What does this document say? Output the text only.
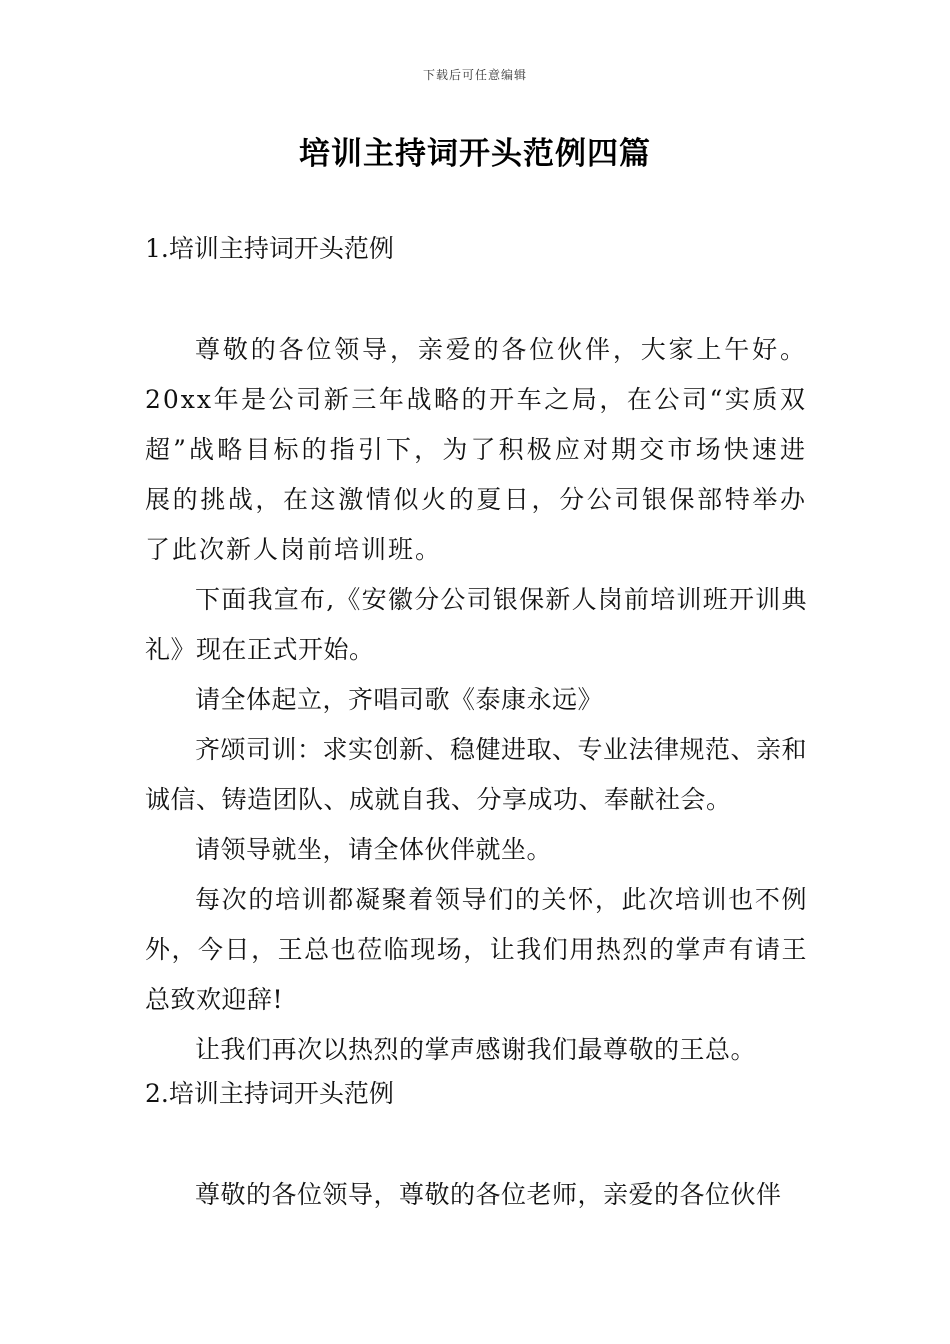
下载后可任意编辑
培训主持词开头范例四篇
1.培训主持词开头范例

尊敬的各位领导，亲爱的各位伙伴，大家上午好。20xx年是公司新三年战略的开车之局，在公司“实质双超”战略目标的指引下，为了积极应对期交市场快速进展的挑战，在这激情似火的夏日，分公司银保部特举办了此次新人岗前培训班。

下面我宣布,《安徽分公司银保新人岗前培训班开训典礼》现在正式开始。

请全体起立，齐唱司歌《泰康永远》

齐颂司训：求实创新、稳健进取、专业法律规范、亲和诚信、铸造团队、成就自我、分享成功、奉献社会。

请领导就坐，请全体伙伴就坐。

每次的培训都凝聚着领导们的关怀，此次培训也不例外，今日，王总也莅临现场，让我们用热烈的掌声有请王总致欢迎辞!

让我们再次以热烈的掌声感谢我们最尊敬的王总。

2.培训主持词开头范例

尊敬的各位领导，尊敬的各位老师，亲爱的各位伙伴
